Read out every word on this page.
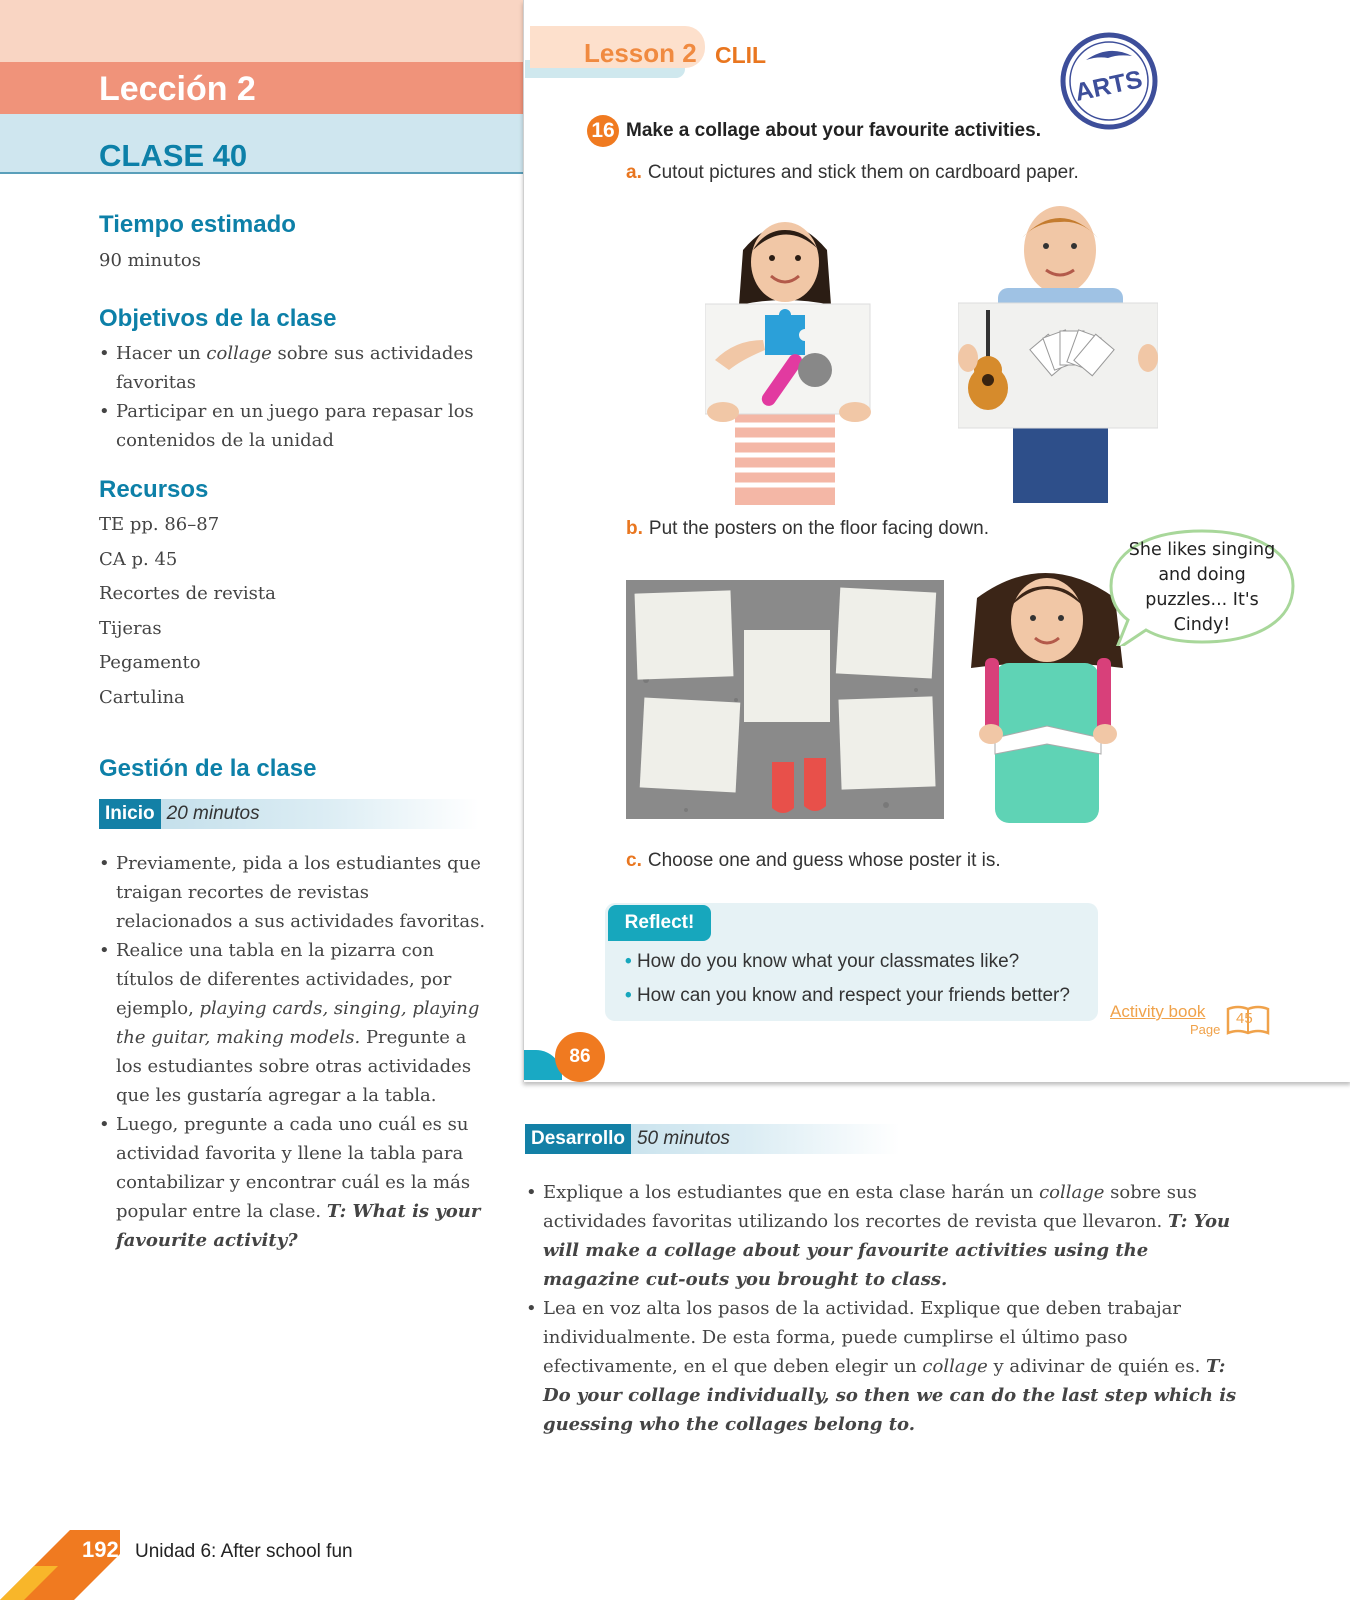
Lección 2
CLASE 40
Tiempo estimado
90 minutos
Objetivos de la clase
• Hacer un collage sobre sus actividades favoritas
• Participar en un juego para repasar los contenidos de la unidad
Recursos
TE pp. 86–87
CA p. 45
Recortes de revista
Tijeras
Pegamento
Cartulina
Gestión de la clase
Inicio 20 minutos
• Previamente, pida a los estudiantes que traigan recortes de revistas relacionados a sus actividades favoritas.
• Realice una tabla en la pizarra con títulos de diferentes actividades, por ejemplo, playing cards, singing, playing the guitar, making models. Pregunte a los estudiantes sobre otras actividades que les gustaría agregar a la tabla.
• Luego, pregunte a cada uno cuál es su actividad favorita y llene la tabla para contabilizar y encontrar cuál es la más popular entre la clase. T: What is your favourite activity?
Lesson 2 CLIL
ARTS
16 Make a collage about your favourite activities.
a. Cutout pictures and stick them on cardboard paper.
b. Put the posters on the floor facing down.
She likes singing and doing puzzles... It's Cindy!
c. Choose one and guess whose poster it is.
Reflect!
• How do you know what your classmates like?
• How can you know and respect your friends better?
Activity book
Page
45
86
Desarrollo 50 minutos
• Explique a los estudiantes que en esta clase harán un collage sobre sus actividades favoritas utilizando los recortes de revista que llevaron. T: You will make a collage about your favourite activities using the magazine cut-outs you brought to class.
• Lea en voz alta los pasos de la actividad. Explique que deben trabajar individualmente. De esta forma, puede cumplirse el último paso efectivamente, en el que deben elegir un collage y adivinar de quién es. T: Do your collage individually, so then we can do the last step which is guessing who the collages belong to.
192 Unidad 6: After school fun
